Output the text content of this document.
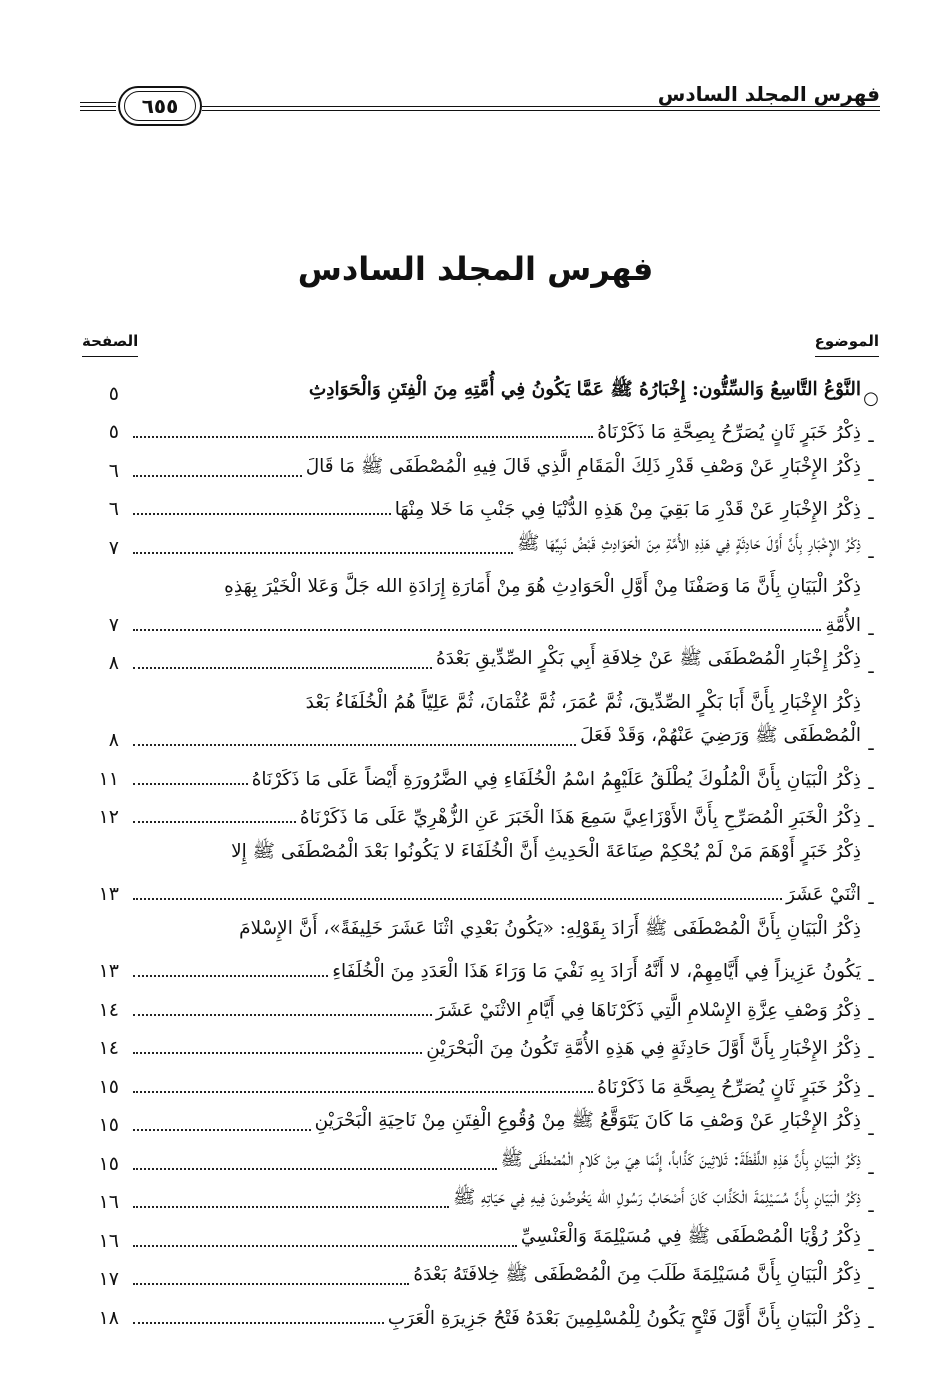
فهرس المجلد السادس
٦٥٥
فهرس المجلد السادس
الموضوع
الصفحة
○
النَّوْعُ التَّاسِعُ وَالسِّتُّون: إِخْبَارُهُ ﷺ عَمَّا يَكُونُ فِي أُمَّتِهِ مِنَ الْفِتَنِ وَالْحَوَادِثِ
٥
ـ
ذِكْرُ خَبَرٍ ثَانٍ يُصَرِّحُ بِصِحَّةِ مَا ذَكَرْنَاهُ
٥
ـ
ذِكْرُ الإِخْبَارِ عَنْ وَصْفِ قَدْرِ ذَلِكَ الْمَقَامِ الَّذِي قَالَ فِيهِ الْمُصْطَفَى ﷺ مَا قَالَ
٦
ـ
ذِكْرُ الإِخْبَارِ عَنْ قَدْرِ مَا بَقِيَ مِنْ هَذِهِ الدُّنْيَا فِي جَنْبِ مَا خَلا مِنْهَا
٦
ـ
ذِكْرُ الإِخْبَارِ بِأَنَّ أَوَّلَ حَادِثَةٍ فِي هَذِهِ الأُمَّةِ مِنَ الْحَوَادِثِ قَبْضُ نَبِيِّهَا ﷺ
٧
ـ
ذِكْرُ الْبَيَانِ بِأَنَّ مَا وَصَفْنَا مِنْ أَوَّلِ الْحَوَادِثِ هُوَ مِنْ أَمَارَةِ إِرَادَةِ الله جَلَّ وَعَلا الْخَيْرَ بِهَذِهِ
الأُمَّةِ
٧
ـ
ذِكْرُ إِخْبَارِ الْمُصْطَفَى ﷺ عَنْ خِلافَةِ أَبِي بَكْرٍ الصِّدِّيقِ بَعْدَهُ
٨
ـ
ذِكْرُ الإِخْبَارِ بِأَنَّ أَبَا بَكْرٍ الصِّدِّيقَ، ثُمَّ عُمَرَ، ثُمَّ عُثْمَانَ، ثُمَّ عَلِيّاً هُمُ الْخُلَفَاءُ بَعْدَ
الْمُصْطَفَى ﷺ وَرَضِيَ عَنْهُمْ، وَقَدْ فَعَلَ
٨
ـ
ذِكْرُ الْبَيَانِ بِأَنَّ الْمُلُوكَ يُطْلَقُ عَلَيْهِمُ اسْمُ الْخُلَفَاءِ فِي الضَّرُورَةِ أَيْضاً عَلَى مَا ذَكَرْنَاهُ
١١
ـ
ذِكْرُ الْخَبَرِ الْمُصَرِّحِ بِأَنَّ الأَوْزَاعِيَّ سَمِعَ هَذَا الْخَبَرَ عَنِ الزُّهْرِيِّ عَلَى مَا ذَكَرْنَاهُ
١٢
ـ
ذِكْرُ خَبَرٍ أَوْهَمَ مَنْ لَمْ يُحْكِمْ صِنَاعَةَ الْحَدِيثِ أَنَّ الْخُلَفَاءَ لا يَكُونُوا بَعْدَ الْمُصْطَفَى ﷺ إِلا
اثْنَيْ عَشَرَ
١٣
ـ
ذِكْرُ الْبَيَانِ بِأَنَّ الْمُصْطَفَى ﷺ أَرَادَ بِقَوْلِهِ: «يَكُونُ بَعْدِي اثْنَا عَشَرَ خَلِيفَةً»، أَنَّ الإِسْلامَ
يَكُونُ عَزِيزاً فِي أَيَّامِهِمْ، لا أَنَّهُ أَرَادَ بِهِ نَفْيَ مَا وَرَاءَ هَذَا الْعَدَدِ مِنَ الْخُلَفَاءِ
١٣
ـ
ذِكْرُ وَصْفِ عِزَّةِ الإِسْلامِ الَّتِي ذَكَرْنَاهَا فِي أَيَّامِ الاثْنَيْ عَشَرَ
١٤
ـ
ذِكْرُ الإِخْبَارِ بِأَنَّ أَوَّلَ حَادِثَةٍ فِي هَذِهِ الأُمَّةِ تَكُونُ مِنَ الْبَحْرَيْنِ
١٤
ـ
ذِكْرُ خَبَرٍ ثَانٍ يُصَرِّحُ بِصِحَّةِ مَا ذَكَرْنَاهُ
١٥
ـ
ذِكْرُ الإِخْبَارِ عَنْ وَصْفِ مَا كَانَ يَتَوَقَّعُ ﷺ مِنْ وُقُوعِ الْفِتَنِ مِنْ نَاحِيَةِ الْبَحْرَيْنِ
١٥
ـ
ذِكْرُ الْبَيَانِ بِأَنَّ هَذِهِ اللَّفْظَةَ: ثَلاثِينَ كَذَّاباً، إِنَّمَا هِيَ مِنْ كَلامِ الْمُصْطَفَى ﷺ
١٥
ـ
ذِكْرُ الْبَيَانِ بِأَنَّ مُسَيْلِمَةَ الْكَذَّابَ كَانَ أَصْحَابُ رَسُولِ الله يَخُوضُونَ فِيهِ فِي حَيَاتِهِ ﷺ
١٦
ـ
ذِكْرُ رُؤْيَا الْمُصْطَفَى ﷺ فِي مُسَيْلِمَةَ وَالْعَنْسِيِّ
١٦
ـ
ذِكْرُ الْبَيَانِ بِأَنَّ مُسَيْلِمَةَ طَلَبَ مِنَ الْمُصْطَفَى ﷺ خِلافَتَهُ بَعْدَهُ
١٧
ـ
ذِكْرُ الْبَيَانِ بِأَنَّ أَوَّلَ فَتْحٍ يَكُونُ لِلْمُسْلِمِينَ بَعْدَهُ فَتْحُ جَزِيرَةِ الْعَرَبِ
١٨
